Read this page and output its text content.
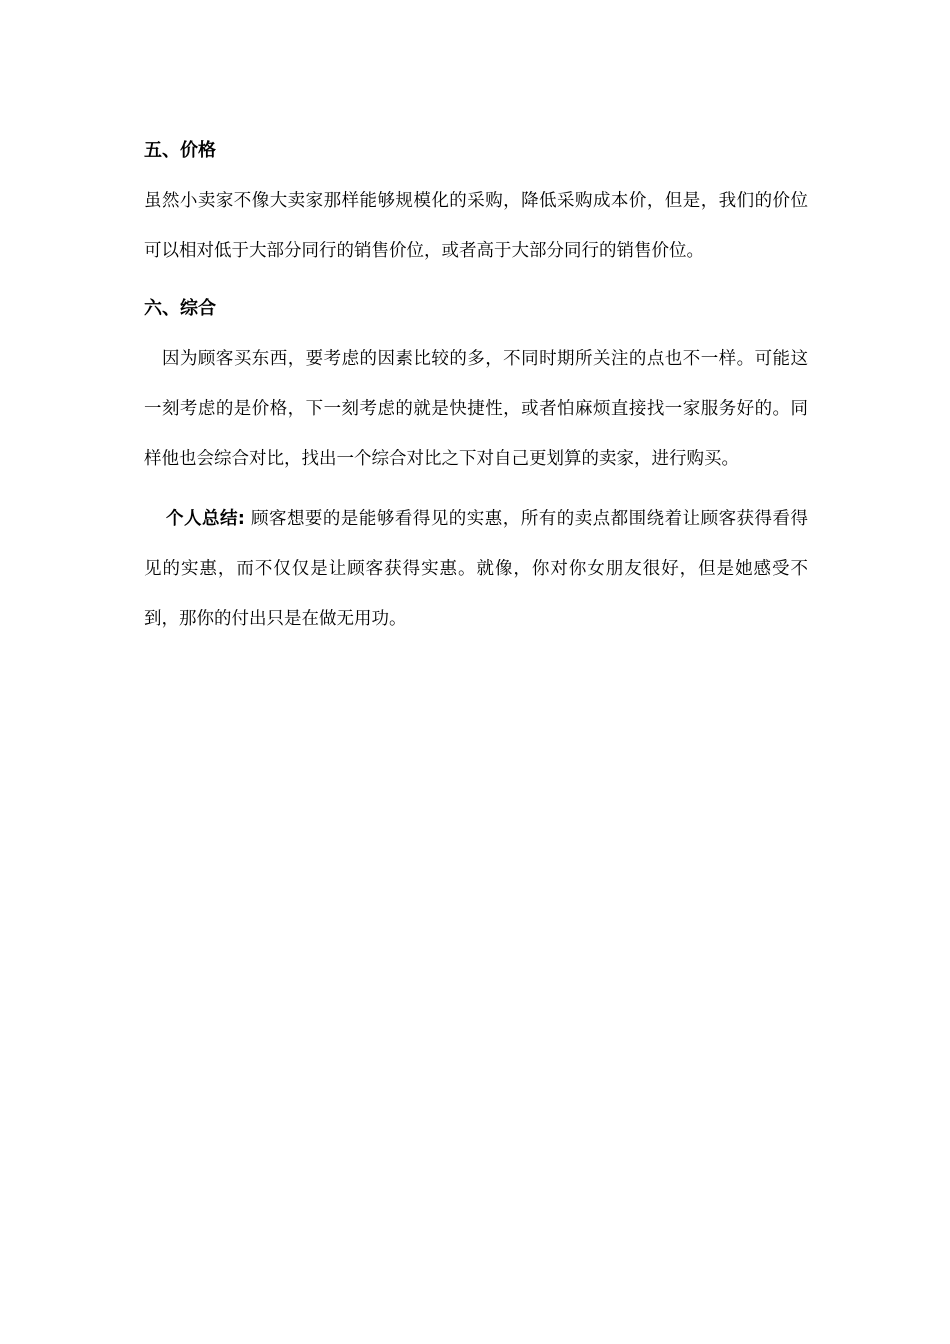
五、价格

虽然小卖家不像大卖家那样能够规模化的采购，降低采购成本价，但是，我们的价位可以相对低于大部分同行的销售价位，或者高于大部分同行的销售价位。

六、综合

因为顾客买东西，要考虑的因素比较的多，不同时期所关注的点也不一样。可能这一刻考虑的是价格，下一刻考虑的就是快捷性，或者怕麻烦直接找一家服务好的。同样他也会综合对比，找出一个综合对比之下对自己更划算的卖家，进行购买。

个人总结: 顾客想要的是能够看得见的实惠，所有的卖点都围绕着让顾客获得看得见的实惠，而不仅仅是让顾客获得实惠。就像，你对你女朋友很好，但是她感受不到，那你的付出只是在做无用功。
